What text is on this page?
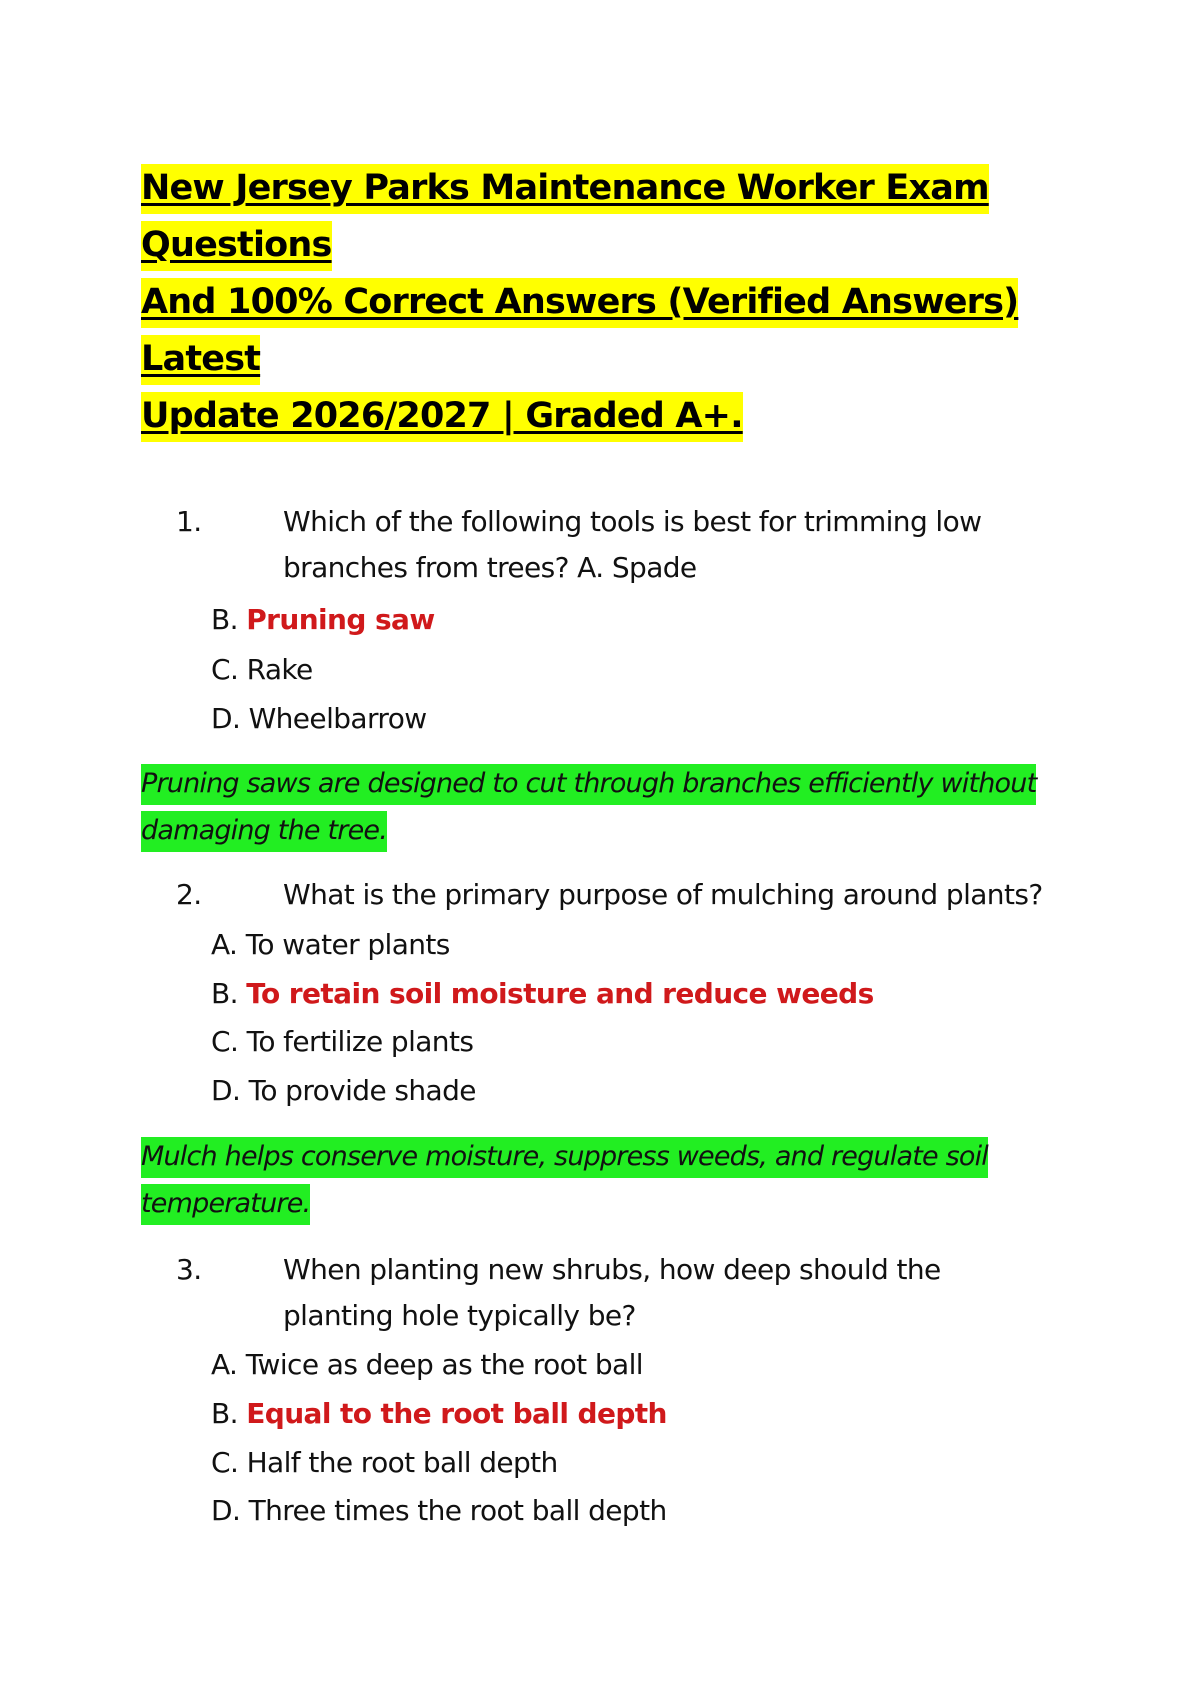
New Jersey Parks Maintenance Worker Exam Questions
And 100% Correct Answers (Verified Answers) Latest
Update 2026/2027 | Graded A+.
1.	Which of the following tools is best for trimming low branches from trees? A. Spade
B. Pruning saw
C. Rake
D. Wheelbarrow
Pruning saws are designed to cut through branches efficiently without damaging the tree.
2.	What is the primary purpose of mulching around plants?
A. To water plants
B. To retain soil moisture and reduce weeds
C. To fertilize plants
D. To provide shade
Mulch helps conserve moisture, suppress weeds, and regulate soil temperature.
3.	When planting new shrubs, how deep should the planting hole typically be?
A. Twice as deep as the root ball
B. Equal to the root ball depth
C. Half the root ball depth
D. Three times the root ball depth
